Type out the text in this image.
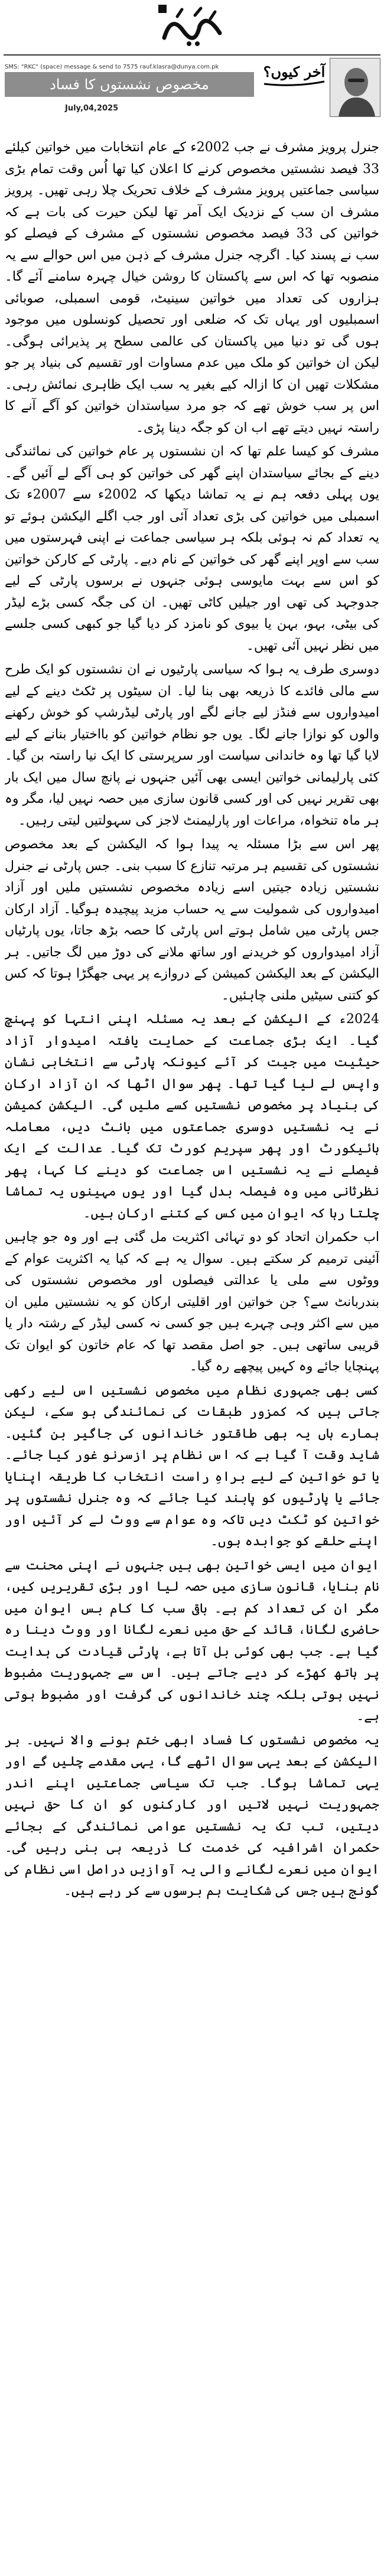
آخر کیوں؟
مخصوص نشستوں کا فساد
July,04,2025
SMS: "RKC" (space) message & send to 7575 rauf.klasra@dunya.com.pk

جنرل پرویز مشرف نے جب 2002ء کے عام انتخابات میں خواتین کیلئے 33 فیصد نشستیں مخصوص کرنے کا اعلان کیا تھا اُس وقت تمام بڑی سیاسی جماعتیں پرویز مشرف کے خلاف تحریک چلا رہی تھیں۔ پرویز مشرف ان سب کے نزدیک ایک آمر تھا لیکن حیرت کی بات ہے کہ خواتین کی 33 فیصد مخصوص نشستوں کے مشرف کے فیصلے کو سب نے پسند کیا۔ اگرچہ جنرل مشرف کے ذہن میں اس حوالے سے یہ منصوبہ تھا کہ اس سے پاکستان کا روشن خیال چہرہ سامنے آئے گا۔ ہزاروں کی تعداد میں خواتین سینیٹ، قومی اسمبلی، صوبائی اسمبلیوں اور یہاں تک کہ ضلعی اور تحصیل کونسلوں میں موجود ہوں گی تو دنیا میں پاکستان کی عالمی سطح پر پذیرائی ہوگی۔ لیکن ان خواتین کو ملک میں عدم مساوات اور تقسیم کی بنیاد پر جو مشکلات تھیں ان کا ازالہ کیے بغیر یہ سب ایک ظاہری نمائش رہی۔ اس پر سب خوش تھے کہ جو مرد سیاستدان خواتین کو آگے آنے کا راستہ نہیں دیتے تھے اب ان کو جگہ دینا پڑی۔

مشرف کو کیسا علم تھا کہ ان نشستوں پر عام خواتین کی نمائندگی دینے کے بجائے سیاستدان اپنے گھر کی خواتین کو ہی آگے لے آئیں گے۔ یوں پہلی دفعہ ہم نے یہ تماشا دیکھا کہ 2002ء سے 2007ء تک اسمبلی میں خواتین کی بڑی تعداد آئی اور جب اگلے الیکشن ہوئے تو یہ تعداد کم نہ ہوئی بلکہ ہر سیاسی جماعت نے اپنی فہرستوں میں سب سے اوپر اپنے گھر کی خواتین کے نام دیے۔ پارٹی کے کارکن خواتین کو اس سے بہت مایوسی ہوئی جنہوں نے برسوں پارٹی کے لیے جدوجہد کی تھی اور جیلیں کاٹی تھیں۔ ان کی جگہ کسی بڑے لیڈر کی بیٹی، بہو، بہن یا بیوی کو نامزد کر دیا گیا جو کبھی کسی جلسے میں نظر نہیں آئی تھیں۔

دوسری طرف یہ ہوا کہ سیاسی پارٹیوں نے ان نشستوں کو ایک طرح سے مالی فائدے کا ذریعہ بھی بنا لیا۔ ان سیٹوں پر ٹکٹ دینے کے لیے امیدواروں سے فنڈز لیے جانے لگے اور پارٹی لیڈرشپ کو خوش رکھنے والوں کو نوازا جانے لگا۔ یوں جو نظام خواتین کو بااختیار بنانے کے لیے لایا گیا تھا وہ خاندانی سیاست اور سرپرستی کا ایک نیا راستہ بن گیا۔ کئی پارلیمانی خواتین ایسی بھی آئیں جنہوں نے پانچ سال میں ایک بار بھی تقریر نہیں کی اور کسی قانون سازی میں حصہ نہیں لیا، مگر وہ ہر ماہ تنخواہ، مراعات اور پارلیمنٹ لاجز کی سہولتیں لیتی رہیں۔

پھر اس سے بڑا مسئلہ یہ پیدا ہوا کہ الیکشن کے بعد مخصوص نشستوں کی تقسیم ہر مرتبہ تنازع کا سبب بنی۔ جس پارٹی نے جنرل نشستیں زیادہ جیتیں اسے زیادہ مخصوص نشستیں ملیں اور آزاد امیدواروں کی شمولیت سے یہ حساب مزید پیچیدہ ہوگیا۔ آزاد ارکان جس پارٹی میں شامل ہوتے اس پارٹی کا حصہ بڑھ جاتا، یوں پارٹیاں آزاد امیدواروں کو خریدنے اور ساتھ ملانے کی دوڑ میں لگ جاتیں۔ ہر الیکشن کے بعد الیکشن کمیشن کے دروازے پر یہی جھگڑا ہوتا کہ کس کو کتنی سیٹیں ملنی چاہئیں۔

2024ء کے الیکشن کے بعد یہ مسئلہ اپنی انتہا کو پہنچ گیا۔ ایک بڑی جماعت کے حمایت یافتہ امیدوار آزاد حیثیت میں جیت کر آئے کیونکہ پارٹی سے انتخابی نشان واپس لے لیا گیا تھا۔ پھر سوال اٹھا کہ ان آزاد ارکان کی بنیاد پر مخصوص نشستیں کسے ملیں گی۔ الیکشن کمیشن نے یہ نشستیں دوسری جماعتوں میں بانٹ دیں، معاملہ ہائیکورٹ اور پھر سپریم کورٹ تک گیا۔ عدالت کے ایک فیصلے نے یہ نشستیں اس جماعت کو دینے کا کہا، پھر نظرثانی میں وہ فیصلہ بدل گیا اور یوں مہینوں یہ تماشا چلتا رہا کہ ایوان میں کس کے کتنے ارکان ہیں۔

اب حکمران اتحاد کو دو تہائی اکثریت مل گئی ہے اور وہ جو چاہیں آئینی ترمیم کر سکتے ہیں۔ سوال یہ ہے کہ کیا یہ اکثریت عوام کے ووٹوں سے ملی یا عدالتی فیصلوں اور مخصوص نشستوں کی بندربانٹ سے؟ جن خواتین اور اقلیتی ارکان کو یہ نشستیں ملیں ان میں سے اکثر وہی چہرے ہیں جو کسی نہ کسی لیڈر کے رشتہ دار یا قریبی ساتھی ہیں۔ جو اصل مقصد تھا کہ عام خاتون کو ایوان تک پہنچایا جائے وہ کہیں پیچھے رہ گیا۔

کسی بھی جمہوری نظام میں مخصوص نشستیں اس لیے رکھی جاتی ہیں کہ کمزور طبقات کی نمائندگی ہو سکے، لیکن ہمارے ہاں یہ بھی طاقتور خاندانوں کی جاگیر بن گئیں۔ شاید وقت آ گیا ہے کہ اس نظام پر ازسرنو غور کیا جائے۔ یا تو خواتین کے لیے براہِ راست انتخاب کا طریقہ اپنایا جائے یا پارٹیوں کو پابند کیا جائے کہ وہ جنرل نشستوں پر خواتین کو ٹکٹ دیں تاکہ وہ عوام سے ووٹ لے کر آئیں اور اپنے حلقے کو جوابدہ ہوں۔

ایوان میں ایسی خواتین بھی ہیں جنہوں نے اپنی محنت سے نام بنایا، قانون سازی میں حصہ لیا اور بڑی تقریریں کیں، مگر ان کی تعداد کم ہے۔ باقی سب کا کام بس ایوان میں حاضری لگانا، قائد کے حق میں نعرے لگانا اور ووٹ دینا رہ گیا ہے۔ جب بھی کوئی بل آتا ہے، پارٹی قیادت کی ہدایت پر ہاتھ کھڑے کر دیے جاتے ہیں۔ اس سے جمہوریت مضبوط نہیں ہوتی بلکہ چند خاندانوں کی گرفت اور مضبوط ہوتی ہے۔

یہ مخصوص نشستوں کا فساد ابھی ختم ہونے والا نہیں۔ ہر الیکشن کے بعد یہی سوال اٹھے گا، یہی مقدمے چلیں گے اور یہی تماشا ہوگا۔ جب تک سیاسی جماعتیں اپنے اندر جمہوریت نہیں لاتیں اور کارکنوں کو ان کا حق نہیں دیتیں، تب تک یہ نشستیں عوامی نمائندگی کے بجائے حکمران اشرافیہ کی خدمت کا ذریعہ ہی بنی رہیں گی۔ ایوان میں نعرے لگانے والی یہ آوازیں دراصل اسی نظام کی گونج ہیں جس کی شکایت ہم برسوں سے کر رہے ہیں۔
